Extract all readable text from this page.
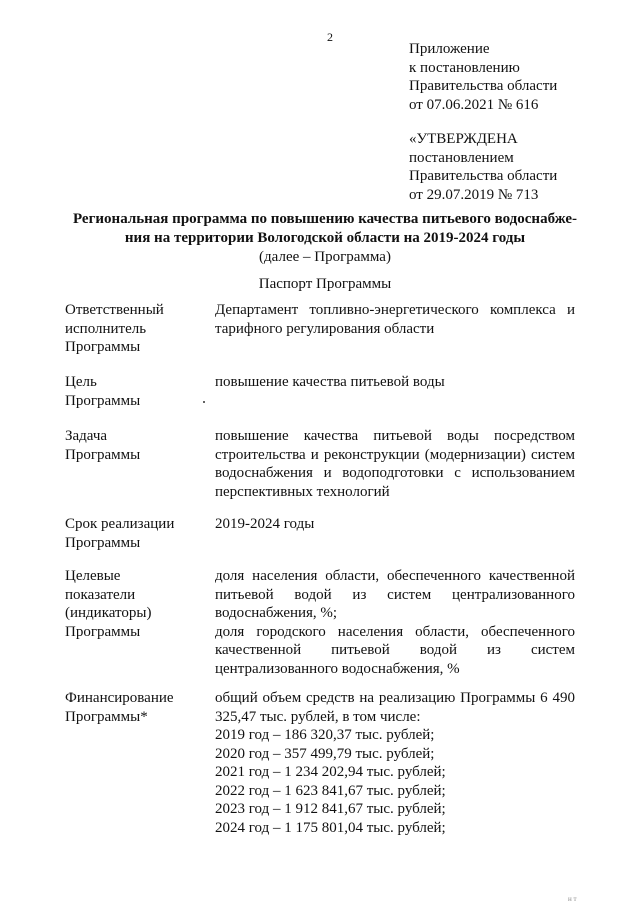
2
Приложение
к постановлению
Правительства области
от 07.06.2021 № 616
«УТВЕРЖДЕНА
постановлением
Правительства области
от 29.07.2019 № 713
Региональная программа по повышению качества питьевого водоснабже-
ния на территории Вологодской области на 2019-2024 годы
(далее – Программа)
Паспорт Программы
Ответственный
исполнитель
Программы
Департамент топливно-энергетического комплекса и тарифного регулирования области
Цель
Программы
повышение качества питьевой воды
Задача
Программы
повышение качества питьевой воды посредством строительства и реконструкции (модернизации) систем водоснабжения и водоподготовки с использованием перспективных технологий
Срок реализации
Программы
2019-2024 годы
Целевые
показатели
(индикаторы)
Программы

доля населения области, обеспеченного качественной питьевой водой из систем централизованного водоснабжения, %;

доля городского населения области, обеспеченного качественной питьевой водой из систем централизованного водоснабжения, %

Финансирование
Программы*

общий объем средств на реализацию Программы 6 490 325,47 тыс. рублей, в том числе:

2019 год – 186 320,37 тыс. рублей;
2020 год – 357 499,79 тыс. рублей;
2021 год – 1 234 202,94 тыс. рублей;
2022 год – 1 623 841,67 тыс. рублей;
2023 год – 1 912 841,67 тыс. рублей;
2024 год – 1 175 801,04 тыс. рублей;
н т
